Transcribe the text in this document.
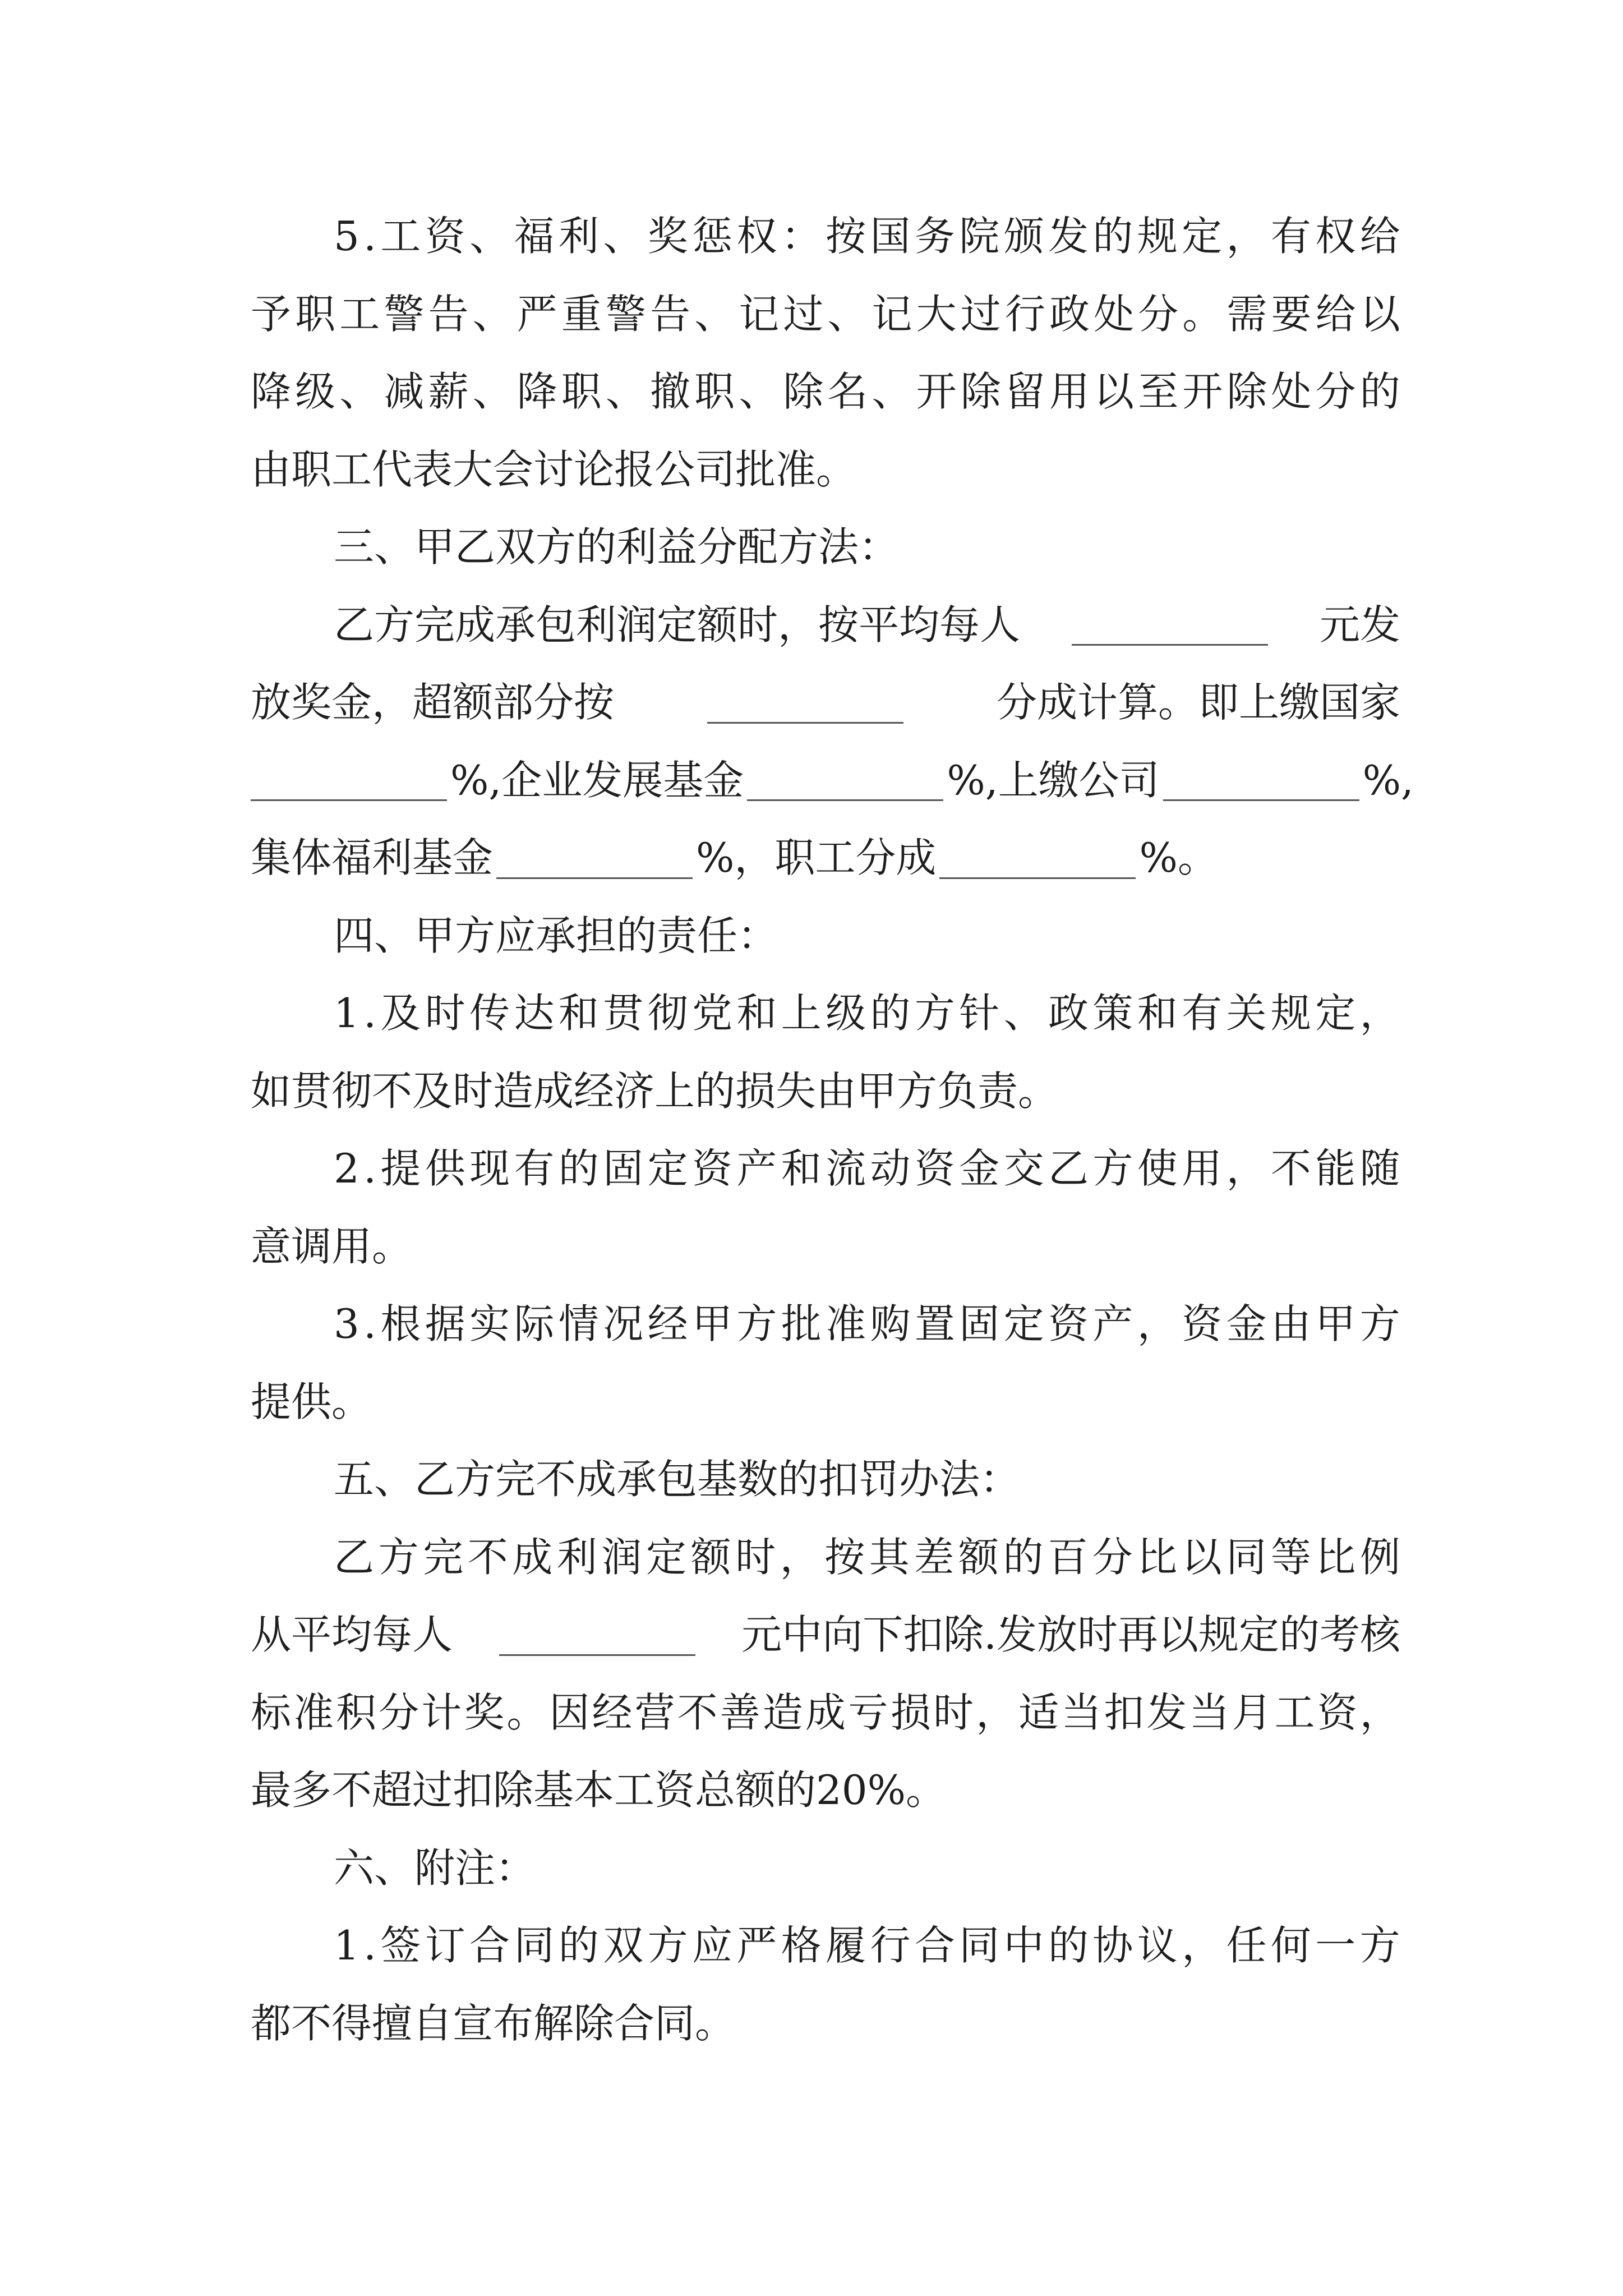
5 . 工 资 、 福 利 、 奖 惩 权 ： 按 国 务 院 颁 发 的 规 定 ， 有 权 给
予 职 工 警 告 、 严 重 警 告 、 记 过 、 记 大 过 行 政 处 分 。 需 要 给 以
降 级 、 减 薪 、 降 职 、 撤 职 、 除 名 、 开 除 留 用 以 至 开 除 处 分 的
由职工代表大会讨论报公司批准。
三、甲乙双方的利益分配方法：
乙方完成承包利润定额时，按平均每人	元发
放奖金，超额部分按	分成计算。即上缴国家
%,企业发展基金	%,上缴公司	%,
集体福利基金	%，职工分成	%。
四、甲方应承担的责任：
1 . 及 时 传 达 和 贯 彻 党 和 上 级 的 方 针 、 政 策 和 有 关 规 定 ，
如贯彻不及时造成经济上的损失由甲方负责。
2 . 提 供 现 有 的 固 定 资 产 和 流 动 资 金 交 乙 方 使 用 ， 不 能 随
意调用。
3 . 根 据 实 际 情 况 经 甲 方 批 准 购 置 固 定 资 产 ， 资 金 由 甲 方
提供。
五、乙方完不成承包基数的扣罚办法：
乙 方 完 不 成 利 润 定 额 时 ， 按 其 差 额 的 百 分 比 以 同 等 比 例
从平均每人	元中向下扣除.发放时再以规定的考核
标 准 积 分 计 奖 。 因 经 营 不 善 造 成 亏 损 时 ， 适 当 扣 发 当 月 工 资 ，
最多不超过扣除基本工资总额的20%。
六、附注：
1 . 签 订 合 同 的 双 方 应 严 格 履 行 合 同 中 的 协 议 ， 任 何 一 方
都不得擅自宣布解除合同。
